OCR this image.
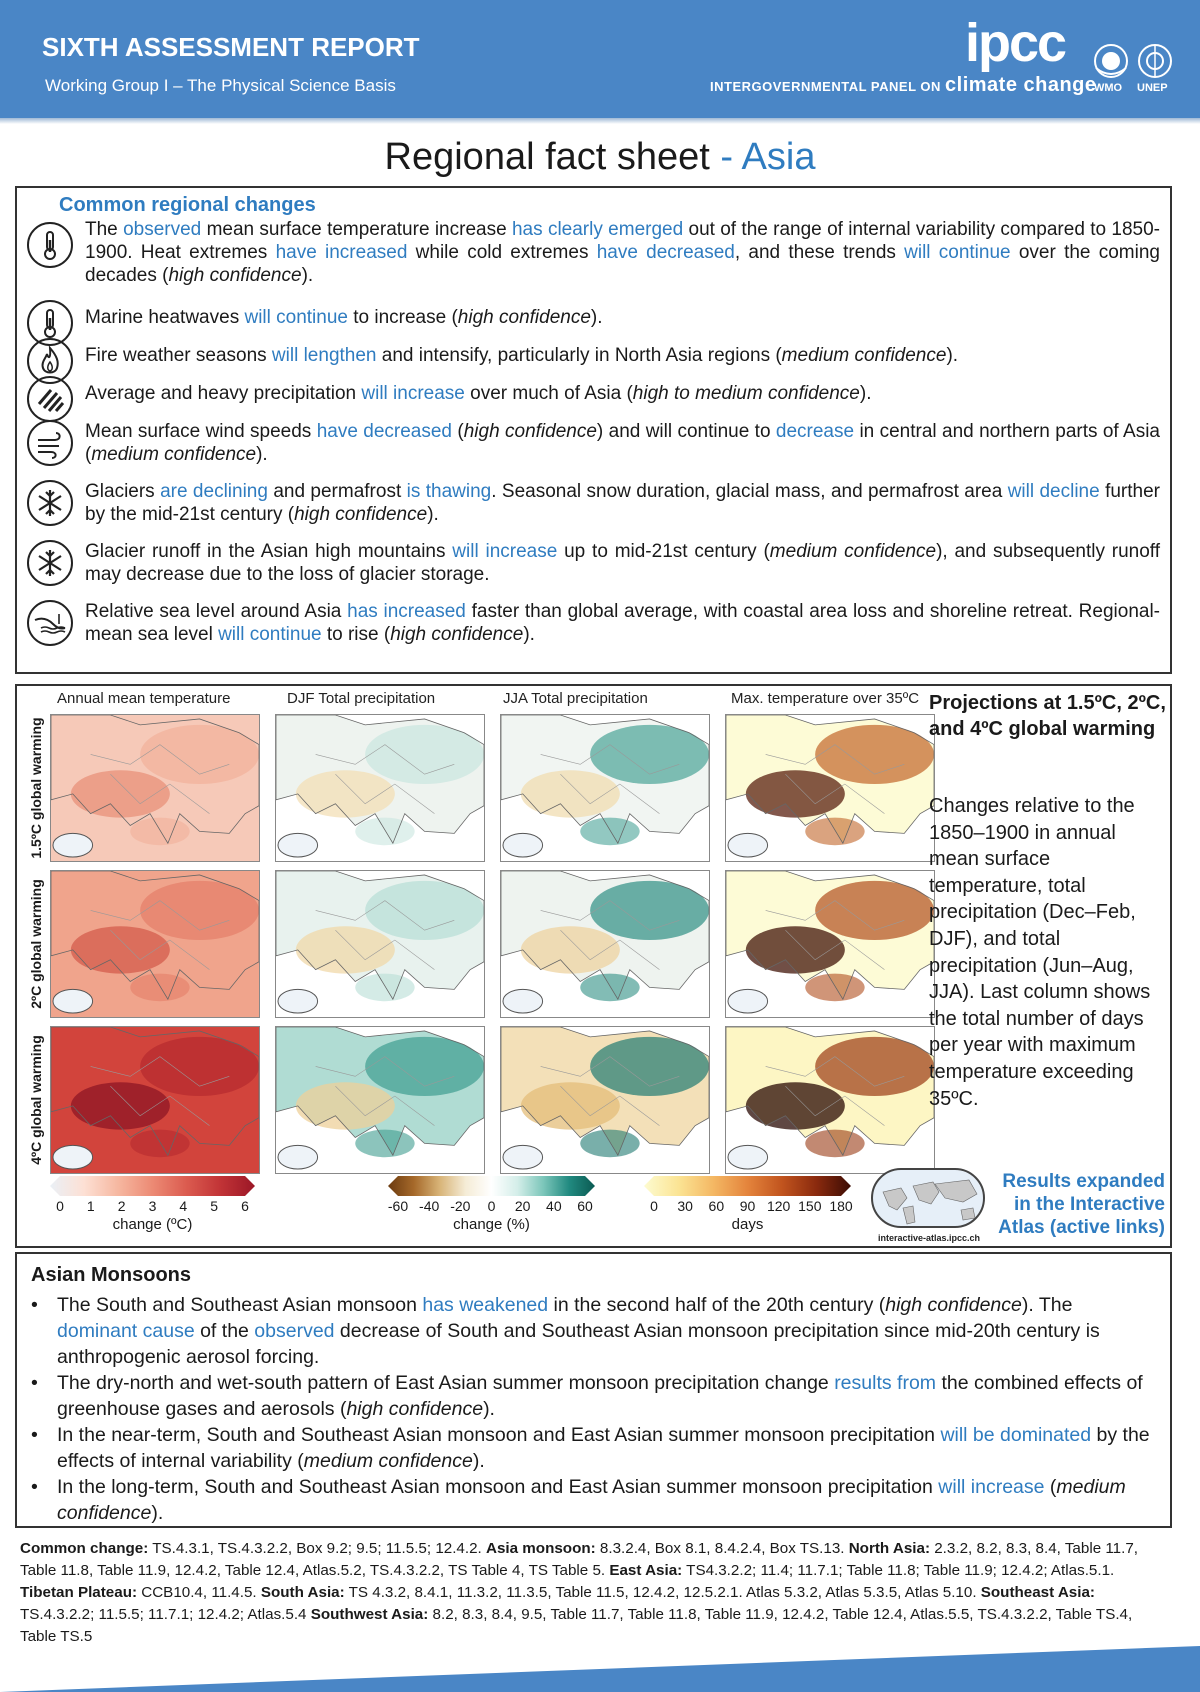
SIXTH ASSESSMENT REPORT
Working Group I – The Physical Science Basis
ipcc
INTERGOVERNMENTAL PANEL ON climate change
WMO UNEP
Regional fact sheet - Asia
Common regional changes
The observed mean surface temperature increase has clearly emerged out of the range of internal variability compared to 1850-1900. Heat extremes have increased while cold extremes have decreased, and these trends will continue over the coming decades (high confidence).
Marine heatwaves will continue to increase (high confidence).
Fire weather seasons will lengthen and intensify, particularly in North Asia regions (medium confidence).
Average and heavy precipitation will increase over much of Asia (high to medium confidence).
Mean surface wind speeds have decreased (high confidence) and will continue to decrease in central and northern parts of Asia (medium confidence).
Glaciers are declining and permafrost is thawing. Seasonal snow duration, glacial mass, and permafrost area will decline further by the mid-21st century (high confidence).
Glacier runoff in the Asian high mountains will increase up to mid-21st century (medium confidence), and subsequently runoff may decrease due to the loss of glacier storage.
Relative sea level around Asia has increased faster than global average, with coastal area loss and shoreline retreat. Regional-mean sea level will continue to rise (high confidence).
Annual mean temperature	DJF Total precipitation	JJA Total precipitation	Max. temperature over 35ºC
1.5ºC global warming
2ºC global warming
4ºC global warming
Projections at 1.5ºC, 2ºC, and 4ºC global warming
Changes relative to the 1850–1900 in annual mean surface temperature, total precipitation (Dec–Feb, DJF), and total precipitation (Jun–Aug, JJA). Last column shows the total number of days per year with maximum temperature exceeding 35ºC.
0	1	2	3	4	5	6
change (ºC)
-60 -40 -20	0	20	40	60
change (%)
0	30	60	90 120 150 180
days
interactive-atlas.ipcc.ch
Results expanded in the Interactive Atlas (active links)
Asian Monsoons
• The South and Southeast Asian monsoon has weakened in the second half of the 20th century (high confidence). The dominant cause of the observed decrease of South and Southeast Asian monsoon precipitation since mid-20th century is anthropogenic aerosol forcing.
• The dry-north and wet-south pattern of East Asian summer monsoon precipitation change results from the combined effects of greenhouse gases and aerosols (high confidence).
• In the near-term, South and Southeast Asian monsoon and East Asian summer monsoon precipitation will be dominated by the effects of internal variability (medium confidence).
• In the long-term, South and Southeast Asian monsoon and East Asian summer monsoon precipitation will increase (medium confidence).
Common change: TS.4.3.1, TS.4.3.2.2, Box 9.2; 9.5; 11.5.5; 12.4.2. Asia monsoon: 8.3.2.4, Box 8.1, 8.4.2.4, Box TS.13. North Asia: 2.3.2, 8.2, 8.3, 8.4, Table 11.7, Table 11.8, Table 11.9, 12.4.2, Table 12.4, Atlas.5.2, TS.4.3.2.2, TS Table 4, TS Table 5. East Asia: TS4.3.2.2; 11.4; 11.7.1; Table 11.8; Table 11.9; 12.4.2; Atlas.5.1. Tibetan Plateau: CCB10.4, 11.4.5. South Asia: TS 4.3.2, 8.4.1, 11.3.2, 11.3.5, Table 11.5, 12.4.2, 12.5.2.1. Atlas 5.3.2, Atlas 5.3.5, Atlas 5.10. Southeast Asia: TS.4.3.2.2; 11.5.5; 11.7.1; 12.4.2; Atlas.5.4 Southwest Asia: 8.2, 8.3, 8.4, 9.5, Table 11.7, Table 11.8, Table 11.9, 12.4.2, Table 12.4, Atlas.5.5, TS.4.3.2.2, Table TS.4, Table TS.5
